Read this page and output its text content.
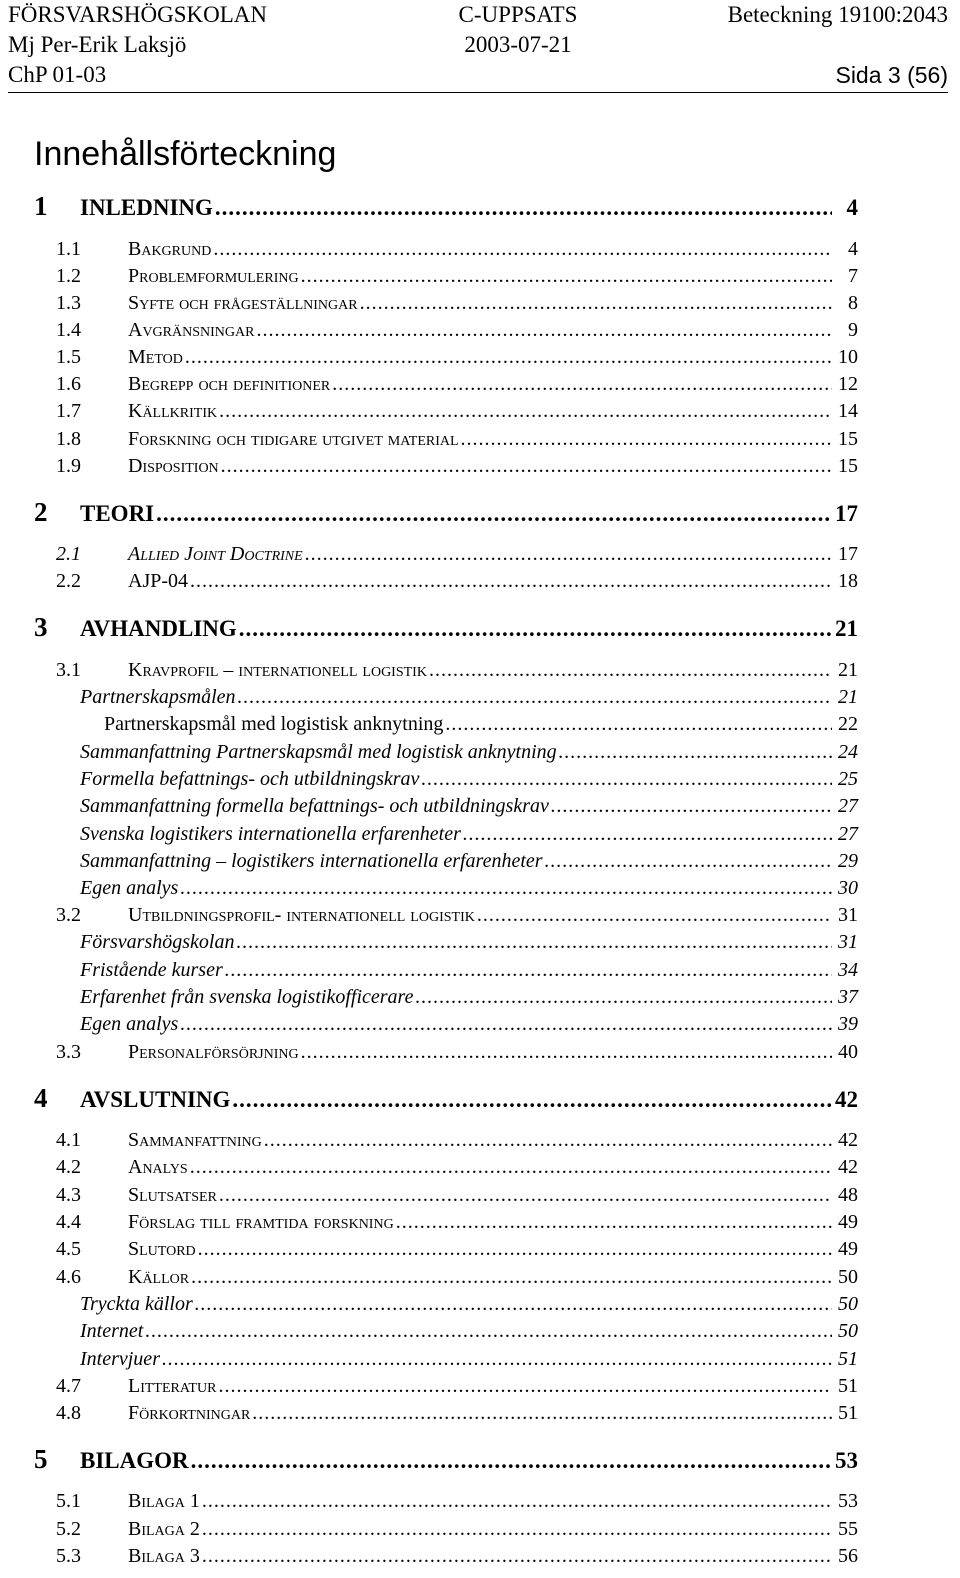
FÖRSVARSHÖGSKOLAN	C-UPPSATS	Beteckning 19100:2043
Mj Per-Erik Laksjö	2003-07-21
ChP 01-03	Sida 3 (56)
Innehållsförteckning
1 INLEDNING .....	4
1.1 Bakgrund .....	4
1.2 Problemformulering .....	7
1.3 Syfte och frågeställningar .....	8
1.4 Avgränsningar .....	9
1.5 Metod .....	10
1.6 Begrepp och definitioner .....	12
1.7 Källkritik .....	14
1.8 Forskning och tidigare utgivet material .....	15
1.9 Disposition .....	15
2 TEORI .....	17
2.1 Allied Joint Doctrine .....	17
2.2 AJP-04 .....	18
3 AVHANDLING .....	21
3.1 Kravprofil – internationell logistik .....	21
Partnerskapsmålen .....	21
Partnerskapsmål med logistisk anknytning .....	22
Sammanfattning Partnerskapsmål med logistisk anknytning .....	24
Formella befattnings- och utbildningskrav .....	25
Sammanfattning formella befattnings- och utbildningskrav .....	27
Svenska logistikers internationella erfarenheter .....	27
Sammanfattning – logistikers internationella erfarenheter .....	29
Egen analys .....	30
3.2 Utbildningsprofil- internationell logistik .....	31
Försvarshögskolan .....	31
Fristående kurser .....	34
Erfarenhet från svenska logistikofficerare .....	37
Egen analys .....	39
3.3 Personalförsörjning .....	40
4 AVSLUTNING .....	42
4.1 Sammanfattning .....	42
4.2 Analys .....	42
4.3 Slutsatser .....	48
4.4 Förslag till framtida forskning .....	49
4.5 Slutord .....	49
4.6 Källor .....	50
Tryckta källor .....	50
Internet .....	50
Intervjuer .....	51
4.7 Litteratur .....	51
4.8 Förkortningar .....	51
5 BILAGOR .....	53
5.1 Bilaga 1 .....	53
5.2 Bilaga 2 .....	55
5.3 Bilaga 3 .....	56
